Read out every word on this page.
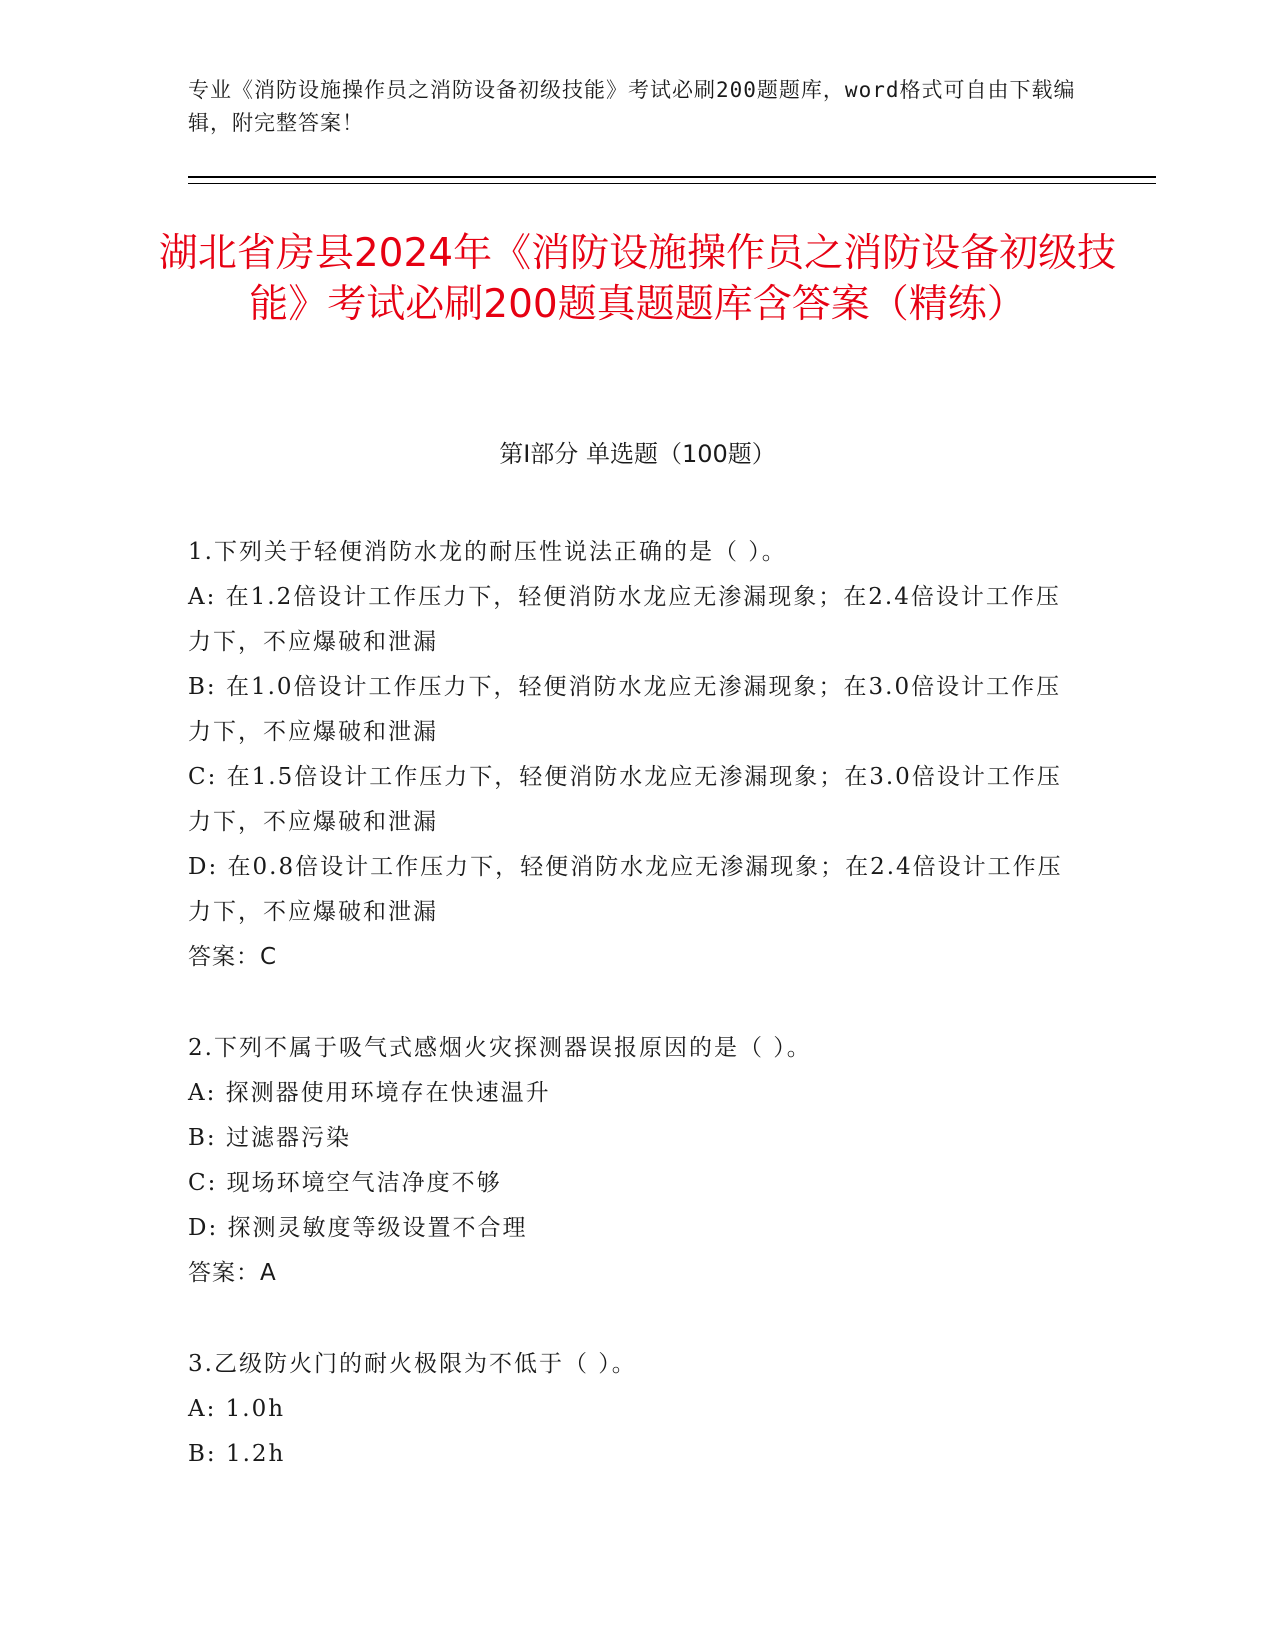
专业《消防设施操作员之消防设备初级技能》考试必刷200题题库，word格式可自由下载编辑，附完整答案！
湖北省房县2024年《消防设施操作员之消防设备初级技能》考试必刷200题真题题库含答案（精练）
第I部分 单选题（100题）

1.下列关于轻便消防水龙的耐压性说法正确的是（ ）。

A: 在1.2倍设计工作压力下，轻便消防水龙应无渗漏现象；在2.4倍设计工作压力下，不应爆破和泄漏

B: 在1.0倍设计工作压力下，轻便消防水龙应无渗漏现象；在3.0倍设计工作压力下，不应爆破和泄漏

C: 在1.5倍设计工作压力下，轻便消防水龙应无渗漏现象；在3.0倍设计工作压力下，不应爆破和泄漏

D: 在0.8倍设计工作压力下，轻便消防水龙应无渗漏现象；在2.4倍设计工作压力下，不应爆破和泄漏

答案：C

2.下列不属于吸气式感烟火灾探测器误报原因的是（ ）。

A: 探测器使用环境存在快速温升

B: 过滤器污染

C: 现场环境空气洁净度不够

D: 探测灵敏度等级设置不合理

答案：A

3.乙级防火门的耐火极限为不低于（ ）。

A: 1.0h

B: 1.2h
